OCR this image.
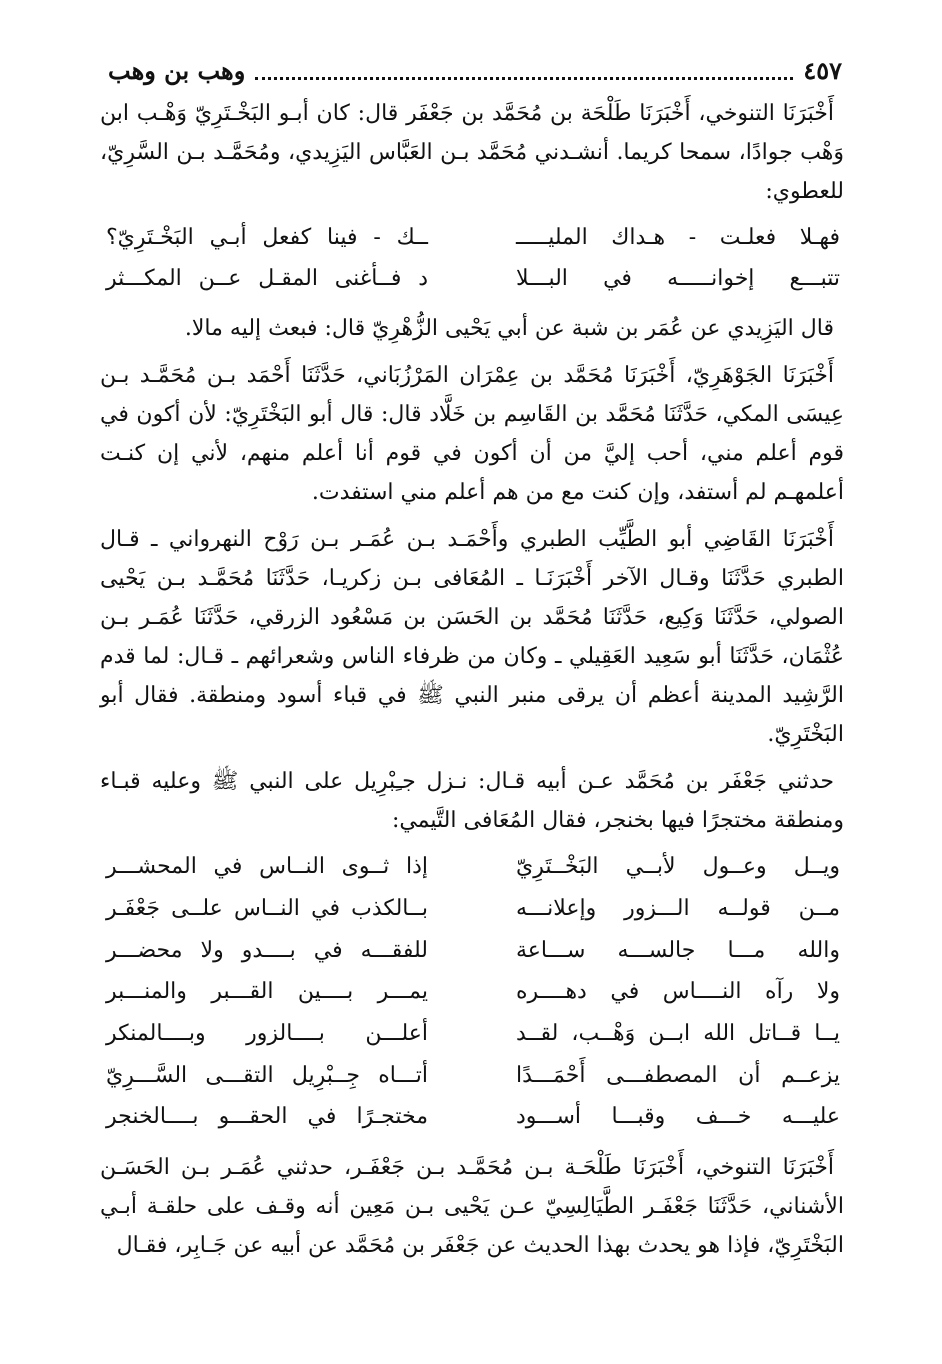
وهب بن وهب	٤٥٧

أَخْبَرَنَا التنوخي، أَخْبَرَنَا طَلْحَة بن مُحَمَّد بن جَعْفَر قال: كان أبـو البَخْـتَرِيّ وَهْـب ابن وَهْب جوادًا، سمحا كريما. أنشـدني مُحَمَّد بـن العَبَّاس اليَزِيدي، ومُحَمَّـد بـن السَّرِيّ، للعطوي:

فهـلا فعلـت - هـداك المليـــــ
ــك - فينا كفعل أبـي البَخْـتَرِيّ؟
تتبـــع إخوانـــــه في البـــلا
د فــأغنى المقـل عــن المكـــثر

قال اليَزِيدي عن عُمَر بن شبة عن أبي يَحْيى الزُّهْرِيّ قال: فبعث إليه مالا.

أَخْبَرَنَا الجَوْهَرِيّ، أَخْبَرَنَا مُحَمَّد بن عِمْرَان المَرْزُبَاني، حَدَّثَنَا أَحْمَد بـن مُحَمَّـد بـن عِيسَى المكي، حَدَّثَنَا مُحَمَّد بن القَاسِم بن خَلَّاد قال: قال أبو البَخْتَرِيّ: لأن أكون في قوم أعلم مني، أحب إليَّ من أن أكون في قوم أنا أعلم منهم، لأني إن كنـت أعلمهـم لم أستفد، وإن كنت مع من هم أعلم مني استفدت.

أَخْبَرَنَا القَاضِي أبو الطَّيِّب الطبري وأَحْمَـد بـن عُمَـر بـن رَوْح النهرواني ـ قـال الطبري حَدَّثَنَا وقـال الآخر أَخْبَرَنَـا ـ المُعَافى بـن زكريـا، حَدَّثَنَا مُحَمَّـد بـن يَحْيى الصولي، حَدَّثَنَا وَكِيع، حَدَّثَنَا مُحَمَّد بن الحَسَن بن مَسْعُود الزرقي، حَدَّثَنَا عُمَـر بـن عُثْمَان، حَدَّثَنَا أبو سَعِيد العَقِيلي ـ وكان من ظرفاء الناس وشعرائهم ـ قـال: لما قدم الرَّشِيد المدينة أعظم أن يرقى منبر النبي ﷺ في قباء أسود ومنطقة. فقال أبو البَخْتَرِيّ.

حدثني جَعْفَر بن مُحَمَّد عـن أبيه قـال: نـزل جـِبْرِيل على النبي ﷺ وعليه قبـاء ومنطقة مختجرًا فيها بخنجر، فقال المُعَافى التَّيمي:

ويــل وعــول لأبــي البَخْــتَرِيّ
إذا ثــوى النــاس في المحشـــر
مــن قولــه الـــزور وإعلانـــه
بــالكذب في النــاس علــى جَعْفَـر
والله مـــا جالســـه ســـاعة
للفقـــه في بــــدو ولا محضـــر
ولا رآه النــــاس في دهــــره
يمـــر بــــين القـــبر والمنـــبر
يــا قــاتل الله ابــن وَهْــب، لقــد
أعلـــن بــــالزور وبــــالمنكر
يزعــم أن المصطفـــى أَحْمَـــدًا
أتـــاه جِــبْرِيل التقـــى السَّـــرِيّ
عليـــه خـــف وقبـــا أســـود
مختجـرًا في الحقـــو بــــالخنجر

أَخْبَرَنَا التنوخي، أَخْبَرَنَا طَلْحَـة بـن مُحَمَّـد بـن جَعْفَـر، حدثني عُمَـر بـن الحَسَـن الأشناني، حَدَّثَنَا جَعْفَـر الطَّيَالِسِيّ عـن يَحْيى بـن مَعِين أنه وقـف على حلقـة أبـي البَخْتَرِيّ، فإذا هو يحدث بهذا الحديث عن جَعْفَر بن مُحَمَّد عن أبيه عن جَـابِر، فقـال
